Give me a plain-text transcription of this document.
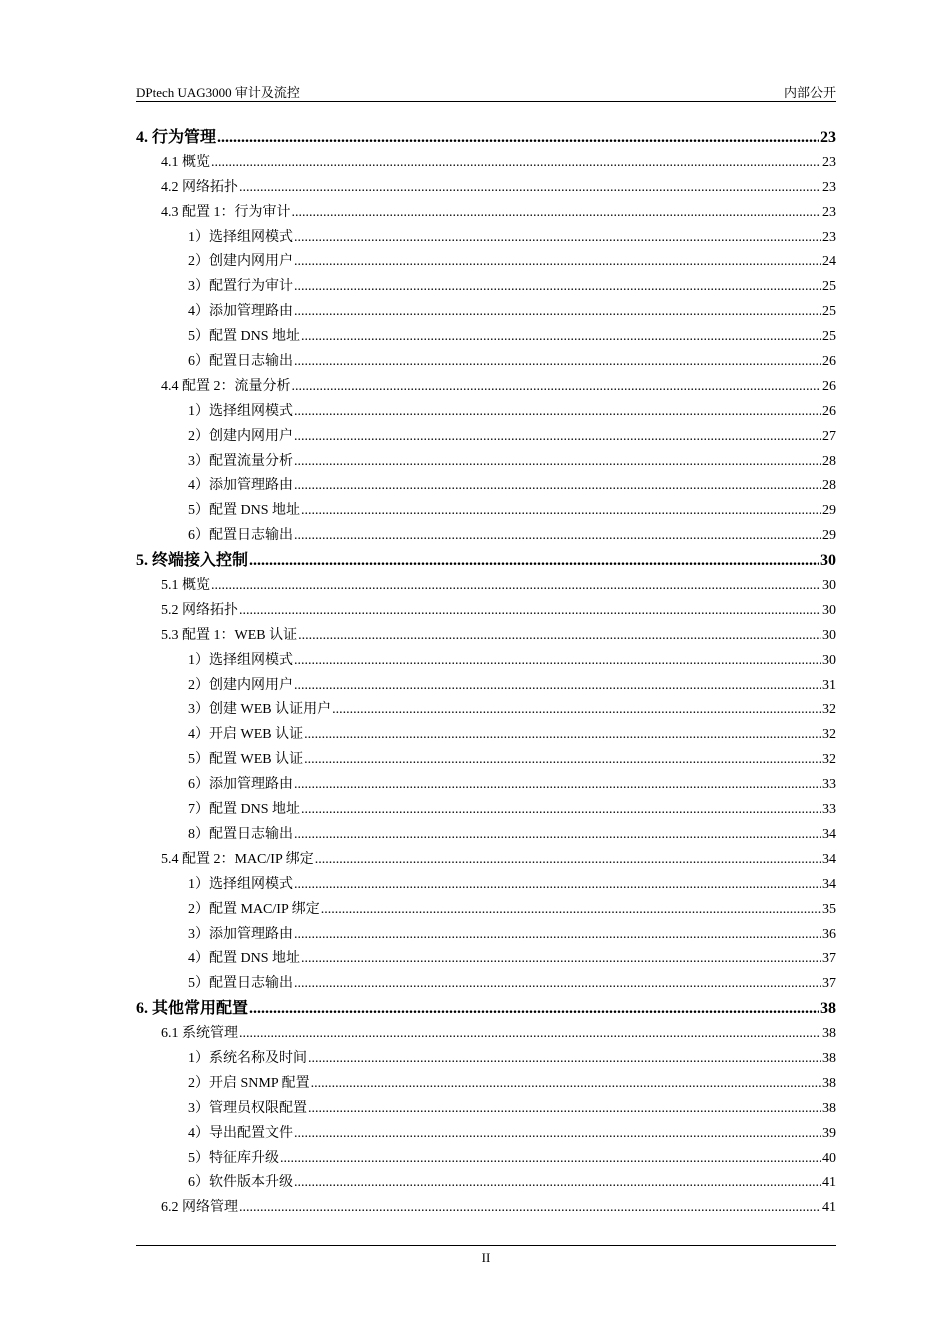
DPtech UAG3000 审计及流控	内部公开
4. 行为管理 .....	23
4.1 概览 .....	23
4.2 网络拓扑 .....	23
4.3 配置 1：行为审计 .....	23
1）选择组网模式 .....	23
2）创建内网用户 .....	24
3）配置行为审计 .....	25
4）添加管理路由 .....	25
5）配置 DNS 地址 .....	25
6）配置日志输出 .....	26
4.4 配置 2：流量分析 .....	26
1）选择组网模式 .....	26
2）创建内网用户 .....	27
3）配置流量分析 .....	28
4）添加管理路由 .....	28
5）配置 DNS 地址 .....	29
6）配置日志输出 .....	29
5. 终端接入控制 .....	30
5.1 概览 .....	30
5.2 网络拓扑 .....	30
5.3 配置 1：WEB 认证 .....	30
1）选择组网模式 .....	30
2）创建内网用户 .....	31
3）创建 WEB 认证用户 .....	32
4）开启 WEB 认证 .....	32
5）配置 WEB 认证 .....	32
6）添加管理路由 .....	33
7）配置 DNS 地址 .....	33
8）配置日志输出 .....	34
5.4 配置 2：MAC/IP 绑定 .....	34
1）选择组网模式 .....	34
2）配置 MAC/IP 绑定 .....	35
3）添加管理路由 .....	36
4）配置 DNS 地址 .....	37
5）配置日志输出 .....	37
6. 其他常用配置 .....	38
6.1 系统管理 .....	38
1）系统名称及时间 .....	38
2）开启 SNMP 配置 .....	38
3）管理员权限配置 .....	38
4）导出配置文件 .....	39
5）特征库升级 .....	40
6）软件版本升级 .....	41
6.2 网络管理 .....	41
II
